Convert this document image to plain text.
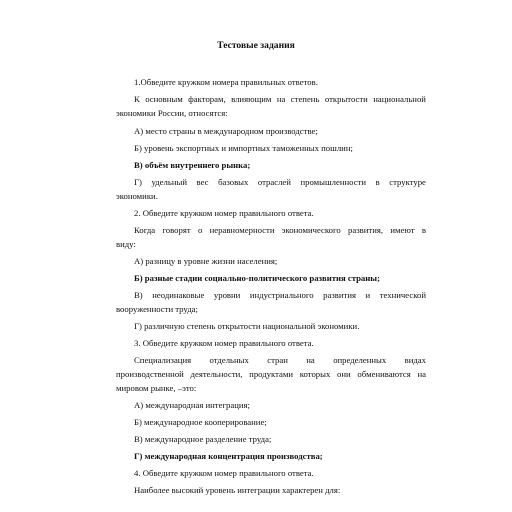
Тестовые задания
1.Обведите кружком номера правильных ответов.
К основным факторам, влияющим на степень открытости национальной
экономики России, относятся:
А) место страны в международном производстве;
Б) уровень экспортных и импортных таможенных пошлин;
В) объём внутреннего рынка;
Г) удельный вес базовых отраслей промышленности в структуре
экономики.
2. Обведите кружком номер правильного ответа.
Когда говорят о неравномерности экономического развития, имеют в
виду:
А) разницу в уровне жизни населения;
Б) разные стадии социально-политического развития страны;
В) неодинаковые уровни индустриального развития и технической
вооруженности труда;
Г) различную степень открытости национальной экономики.
3. Обведите кружком номер правильного ответа.
Специализация отдельных стран на определенных видах
производственной деятельности, продуктами которых они обмениваются на
мировом рынке, –это:
А) международная интеграция;
Б) международное кооперирование;
В) международное разделение труда;
Г) международная концентрация производства;
4. Обведите кружком номер правильного ответа.
Наиболее высокий уровень интеграции характерен для:
